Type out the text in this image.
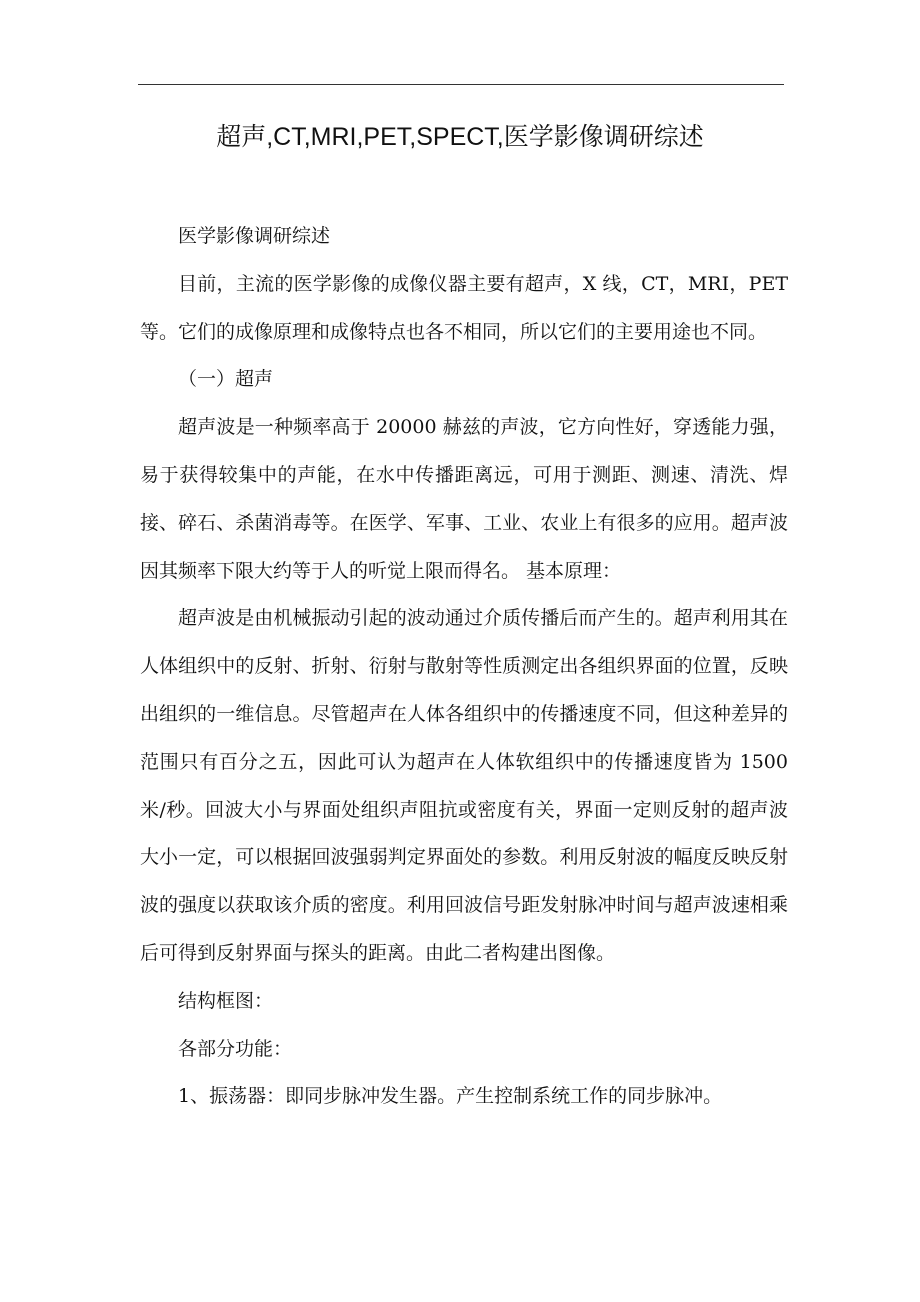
超声,CT,MRI,PET,SPECT,医学影像调研综述

医学影像调研综述

目前，主流的医学影像的成像仪器主要有超声，X 线，CT，MRI，PET 等。它们的成像原理和成像特点也各不相同，所以它们的主要用途也不同。

（一）超声

超声波是一种频率高于 20000 赫兹的声波，它方向性好，穿透能力强，易于获得较集中的声能，在水中传播距离远，可用于测距、测速、清洗、焊接、碎石、杀菌消毒等。在医学、军事、工业、农业上有很多的应用。超声波因其频率下限大约等于人的听觉上限而得名。 基本原理：

超声波是由机械振动引起的波动通过介质传播后而产生的。超声利用其在人体组织中的反射、折射、衍射与散射等性质测定出各组织界面的位置，反映出组织的一维信息。尽管超声在人体各组织中的传播速度不同，但这种差异的范围只有百分之五，因此可认为超声在人体软组织中的传播速度皆为 1500 米/秒。回波大小与界面处组织声阻抗或密度有关，界面一定则反射的超声波大小一定，可以根据回波强弱判定界面处的参数。利用反射波的幅度反映反射波的强度以获取该介质的密度。利用回波信号距发射脉冲时间与超声波速相乘后可得到反射界面与探头的距离。由此二者构建出图像。

结构框图：

各部分功能：

1、振荡器：即同步脉冲发生器。产生控制系统工作的同步脉冲。
